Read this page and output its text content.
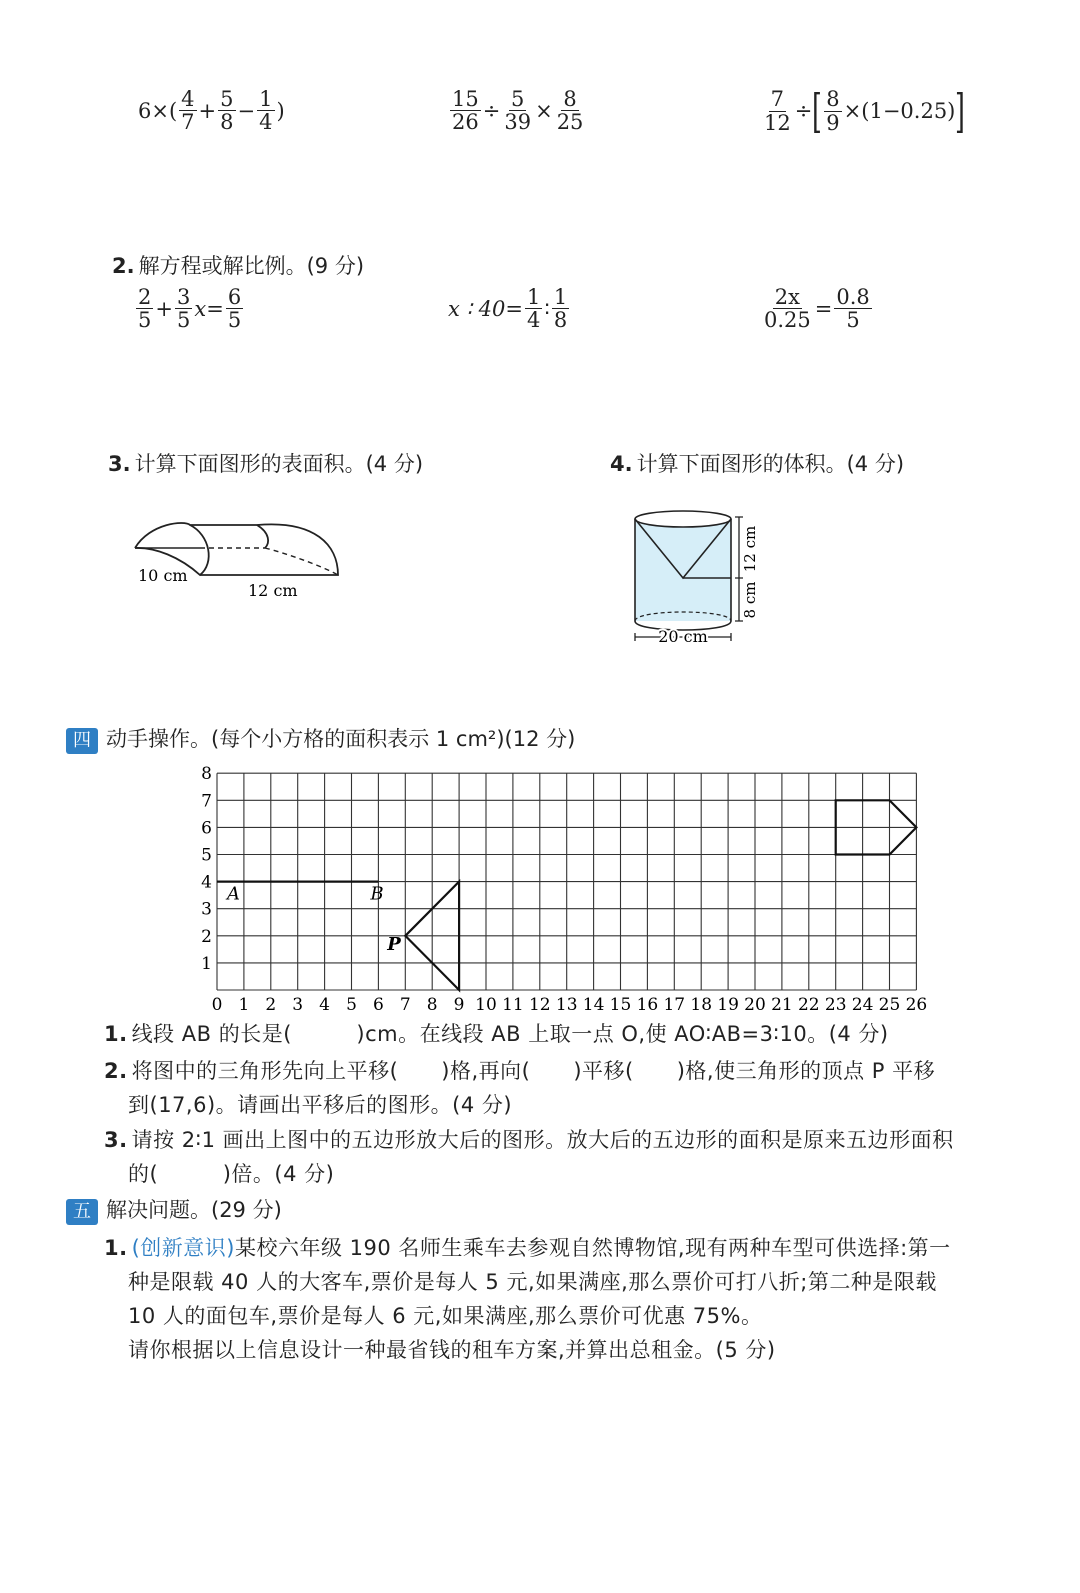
$6\times( \frac{4}{7} + \frac{5}{8} - \frac{1}{4}$ )	$\frac{15}{26} \div \frac{5}{39} \times \frac{8}{25}$	$\frac{7}{12}$ ÷ [ $\frac{8}{9} \times(1-0.25)$ ]
2. 解方程或解比例。(9 分)
$\frac{2}{5} + \frac{3}{5}$ $x = \frac{6}{5}$	x ∶ $40= \frac{1}{4}$ ∶ $\frac{1}{8}$	$\frac{2x}{0.25} = \frac{0.8}{5}$
3. 计算下面图形的表面积。(4 分)	4. 计算下面图形的体积。(4 分)
10 cm
12 cm
12 cm
8 cm
20 cm
四 动手操作。(每个小方格的面积表示 1 cm²)(12 分)
1
2
3
4
5
6
7
8
0 1 2 3 4 5 6 7 8 9 10 11 12 13 14 15 16 17 18 19 20 21 22 23 24 25 26
A	B
P
1. 线段 AB 的长是(　　　)cm。在线段 AB 上取一点 O,使 AO∶AB=3∶10。(4 分)
2. 将图中的三角形先向上平移(　　)格,再向(　　)平移(　　)格,使三角形的顶点 P 平移
到(17,6)。请画出平移后的图形。(4 分)
3. 请按 2∶1 画出上图中的五边形放大后的图形。放大后的五边形的面积是原来五边形面积
的(　　　)倍。(4 分)
五 解决问题。(29 分)
1. (创新意识)某校六年级 190 名师生乘车去参观自然博物馆,现有两种车型可供选择:第一
种是限载 40 人的大客车,票价是每人 5 元,如果满座,那么票价可打八折;第二种是限载
10 人的面包车,票价是每人 6 元,如果满座,那么票价可优惠 75%。
请你根据以上信息设计一种最省钱的租车方案,并算出总租金。(5 分)
